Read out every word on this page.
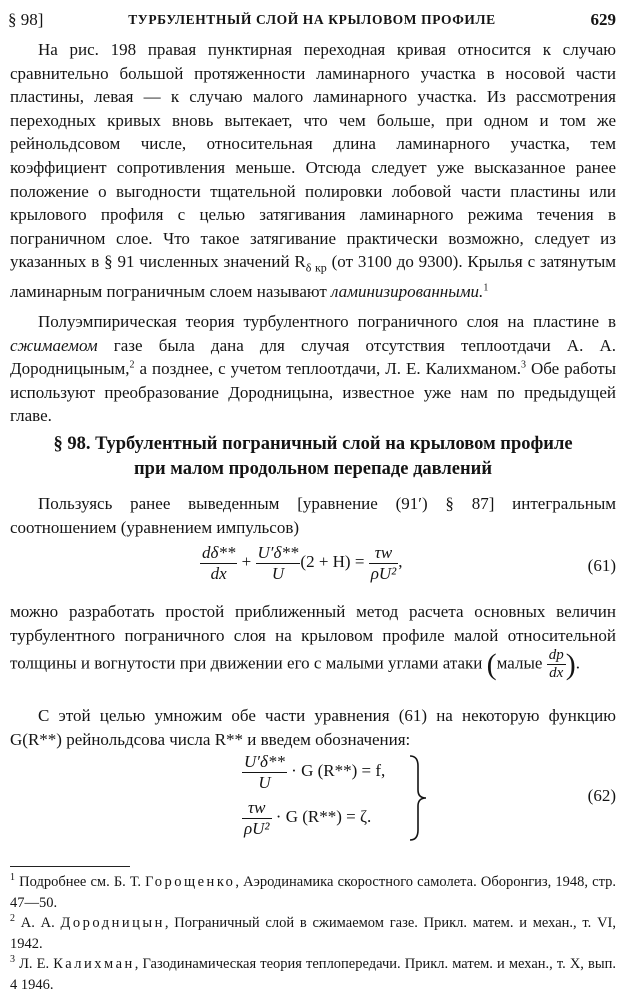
§ 98]	ТУРБУЛЕНТНЫЙ СЛОЙ НА КРЫЛОВОМ ПРОФИЛЕ	629

На рис. 198 правая пунктирная переходная кривая относится к случаю сравнительно большой протяженности ламинарного участка в носовой части пластины, левая — к случаю малого ламинарного участка. Из рассмотрения переходных кривых вновь вытекает, что чем больше, при одном и том же рейнольдсовом числе, относительная длина ламинарного участка, тем коэффициент сопротивления меньше. Отсюда следует уже высказанное ранее положение о выгодности тщательной полировки лобовой части пластины или крылового профиля с целью затягивания ламинарного режима течения в пограничном слое. Что такое затягивание практически возможно, следует из указанных в § 91 численных значений $R_{\delta кр}$ (от 3100 до 9300). Крылья с затянутым ламинарным пограничным слоем называют ламинизированными.$^1$

Полуэмпирическая теория турбулентного пограничного слоя на пластине в сжимаемом газе была дана для случая отсутствия теплоотдачи А. А. Дородницыным,$^2$ а позднее, с учетом теплоотдачи, Л. Е. Калихманом.$^3$ Обе работы используют преобразование Дородницына, известное уже нам по предыдущей главе.

§ 98. Турбулентный пограничный слой на крыловом профиле
при малом продольном перепаде давлений

Пользуясь ранее выведенным [уравнение (91′) § 87] интегральным соотношением (уравнением импульсов)

$\frac{d\delta**}{dx} + \frac{U'\delta**}{U} (2 + H) = \frac{\tau w}{\text{ρU²}}$ ,	(61)

можно разработать простой приближенный метод расчета основных величин турбулентного пограничного слоя на крыловом профиле малой относительной толщины и вогнутости при движении его с малыми углами атаки (малые $\frac{dp}{dx}$ ).

С этой целью умножим обе части уравнения (61) на некоторую функцию G(R**) рейнольдсова числа R** и введем обозначения:

$\frac{U'\delta**}{U} \cdot G$ (R**) = f,
$\frac{\tau w}{\text{ρU²}} \cdot G$ (R**) = ζ.
(62)

$^1$ Подробнее см. Б. Т. Горощенко, Аэродинамика скоростного самолета. Оборонгиз, 1948, стр. 47—50.

$^2$ А. А. Дородницын, Пограничный слой в сжимаемом газе. Прикл. матем. и механ., т. VI, 1942.

$^3$ Л. Е. Калихман, Газодинамическая теория теплопередачи. Прикл. матем. и механ., т. X, вып. 4 1946.
